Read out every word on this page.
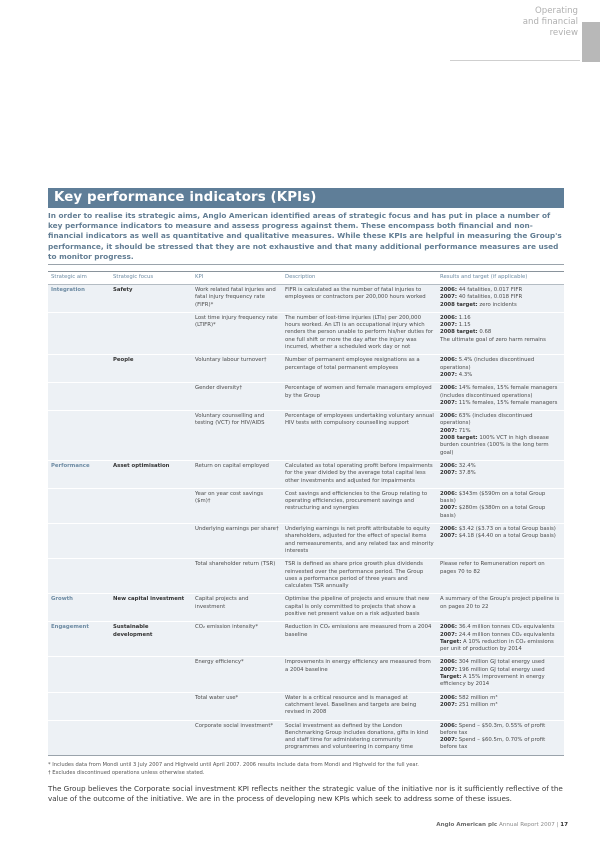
Operating
and financial
review
Key performance indicators (KPIs)
In order to realise its strategic aims, Anglo American identified areas of strategic focus and has put in place a number of key performance indicators to measure and assess progress against them. These encompass both financial and non-financial indicators as well as quantitative and qualitative measures. While these KPIs are helpful in measuring the Group's performance, it should be stressed that they are not exhaustive and that many additional performance measures are used to monitor progress.
Strategic aim	Strategic focus	KPI	Description	Results and target (if applicable)
Integration	Safety	Work related fatal injuries and fatal injury frequency rate (FIFR)*	FIFR is calculated as the number of fatal injuries to employees or contractors per 200,000 hours worked	2006: 44 fatalities, 0.017 FIFR
2007: 40 fatalities, 0.018 FIFR
2008 target: zero incidents

		Lost time injury frequency rate (LTIFR)*	The number of lost-time injuries (LTIs) per 200,000 hours worked. An LTI is an occupational injury which renders the person unable to perform his/her duties for one full shift or more the day after the injury was incurred, whether a scheduled work day or not	
2006: 1.16
2007: 1.15
2008 target: 0.68
The ultimate goal of zero harm remains

	People	Voluntary labour turnover†	Number of permanent employee resignations as a percentage of total permanent employees	2006: 5.4% (includes discontinued operations)
2007: 4.3%

		Gender diversity†	Percentage of women and female managers employed by the Group	2006: 14% females, 15% female managers (includes discontinued operations)
2007: 11% females, 15% female managers

		Voluntary counselling and testing (VCT) for HIV/AIDS	Percentage of employees undertaking voluntary annual HIV tests with compulsory counselling support	2006: 63% (includes discontinued operations)
2007: 71%
2008 target: 100% VCT in high disease burden countries (100% is the long term goal)

Performance	Asset optimisation	Return on capital employed	Calculated as total operating profit before impairments for the year divided by the average total capital less other investments and adjusted for impairments	2006: 32.4%
2007: 37.8%

		Year on year cost savings ($m)†	Cost savings and efficiencies to the Group relating to operating efficiencies, procurement savings and restructuring and synergies	2006: $343m ($590m on a total Group basis)
2007: $280m ($380m on a total Group basis)

		Underlying earnings per share†	Underlying earnings is net profit attributable to equity shareholders, adjusted for the effect of special items and remeasurements, and any related tax and minority interests	2006: $3.42 ($3.73 on a total Group basis)
2007: $4.18 ($4.40 on a total Group basis)

		Total shareholder return (TSR)	TSR is defined as share price growth plus dividends reinvested over the performance period. The Group uses a performance period of three years and calculates TSR annually	Please refer to Remuneration report on pages 70 to 82

Growth	New capital investment	Capital projects and investment	Optimise the pipeline of projects and ensure that new capital is only committed to projects that show a positive net present value on a risk adjusted basis	A summary of the Group's project pipeline is on pages 20 to 22

Engagement	Sustainable development	CO₂ emission intensity*	Reduction in CO₂ emissions are measured from a 2004 baseline	2006: 36.4 million tonnes CO₂ equivalents
2007: 24.4 million tonnes CO₂ equivalents
Target: A 10% reduction in CO₂ emissions per unit of production by 2014

		Energy efficiency*	Improvements in energy efficiency are measured from a 2004 baseline	2006: 304 million GJ total energy used
2007: 196 million GJ total energy used
Target: A 15% improvement in energy efficiency by 2014

		Total water use*	Water is a critical resource and is managed at catchment level. Baselines and targets are being revised in 2008	2006: 582 million m³
2007: 251 million m³

		Corporate social investment*	Social investment as defined by the London Benchmarking Group includes donations, gifts in kind and staff time for administering community programmes and volunteering in company time	2006: Spend – $50.3m, 0.55% of profit before tax
2007: Spend – $60.5m, 0.70% of profit before tax
* Includes data from Mondi until 3 July 2007 and Highveld until April 2007. 2006 results include data from Mondi and Highveld for the full year.
† Excludes discontinued operations unless otherwise stated.
The Group believes the Corporate social investment KPI reflects neither the strategic value of the initiative nor is it sufficiently reflective of the value of the outcome of the initiative. We are in the process of developing new KPIs which seek to address some of these issues.
Anglo American plc Annual Report 2007 | 17
